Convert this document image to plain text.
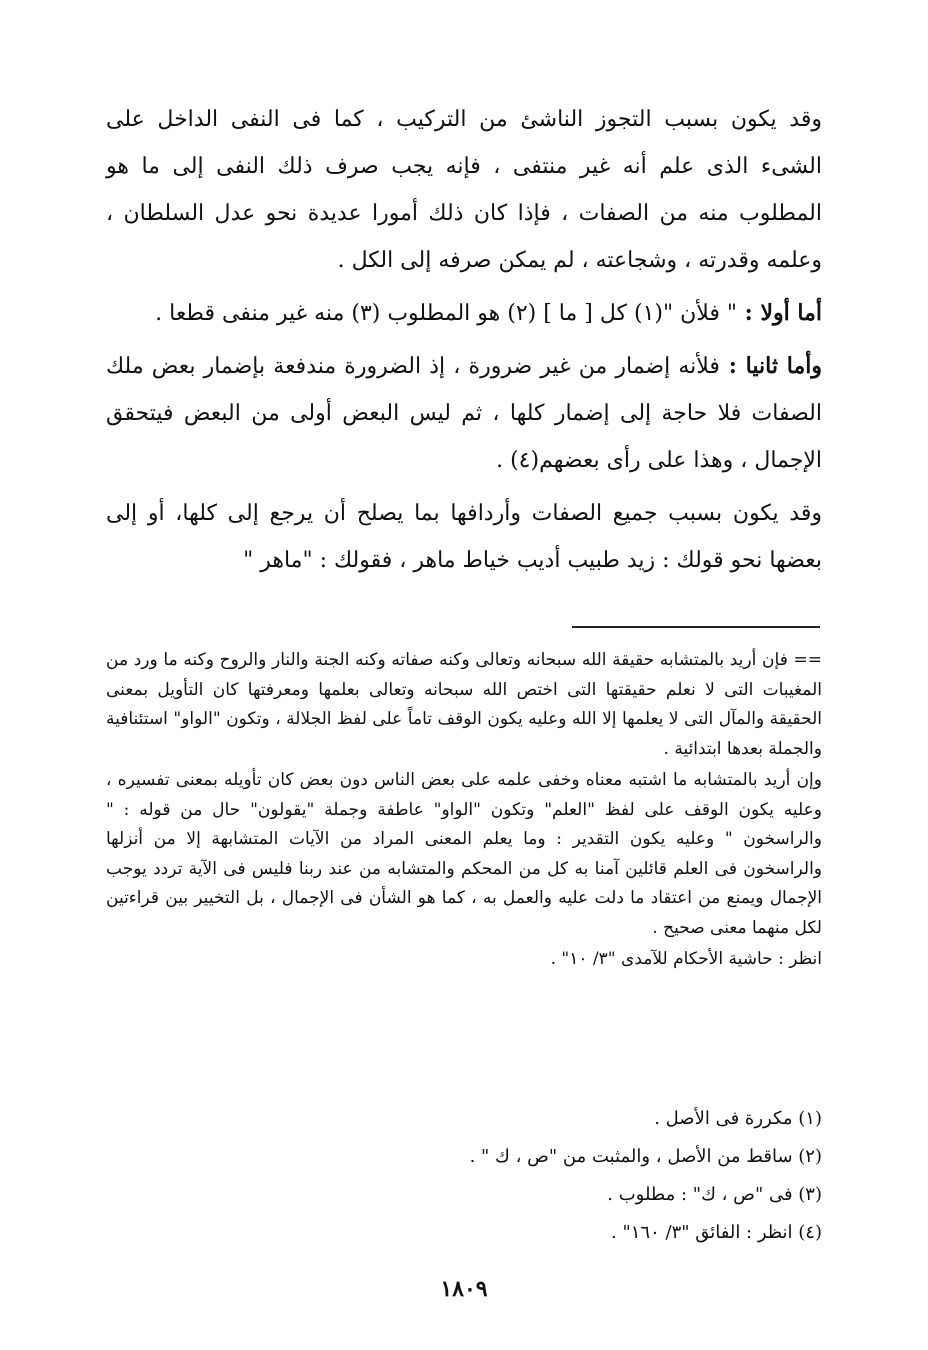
وقد يكون بسبب التجوز الناشئ من التركيب ، كما فى النفى الداخل على الشىء الذى علم أنه غير منتفى ، فإنه يجب صرف ذلك النفى إلى ما هو المطلوب منه من الصفات ، فإذا كان ذلك أمورا عديدة نحو عدل السلطان ، وعلمه وقدرته ، وشجاعته ، لم يمكن صرفه إلى الكل .

أما أولا : " فلأن "(١) كل [ ما ] (٢) هو المطلوب (٣) منه غير منفى قطعا .

وأما ثانيا : فلأنه إضمار من غير ضرورة ، إذ الضرورة مندفعة بإضمار بعض ملك الصفات فلا حاجة إلى إضمار كلها ، ثم ليس البعض أولى من البعض فيتحقق الإجمال ، وهذا على رأى بعضهم(٤) .

وقد يكون بسبب جميع الصفات وأردافها بما يصلح أن يرجع إلى كلها، أو إلى بعضها نحو قولك : زيد طبيب أديب خياط ماهر ، فقولك : "ماهر "

== فإن أريد بالمتشابه حقيقة الله سبحانه وتعالى وكنه صفاته وكنه الجنة والنار والروح وكنه ما ورد من المغيبات التى لا نعلم حقيقتها التى اختص الله سبحانه وتعالى بعلمها ومعرفتها كان التأويل بمعنى الحقيقة والمآل التى لا يعلمها إلا الله وعليه يكون الوقف تاماً على لفظ الجلالة ، وتكون "الواو" استئنافية والجملة بعدها ابتدائية .

وإن أريد بالمتشابه ما اشتبه معناه وخفى علمه على بعض الناس دون بعض كان تأويله بمعنى تفسيره ، وعليه يكون الوقف على لفظ "العلم" وتكون "الواو" عاطفة وجملة "يقولون" حال من قوله : " والراسخون " وعليه يكون التقدير : وما يعلم المعنى المراد من الآيات المتشابهة إلا من أنزلها والراسخون فى العلم قائلين آمنا به كل من المحكم والمتشابه من عند ربنا فليس فى الآية تردد يوجب الإجمال ويمنع من اعتقاد ما دلت عليه والعمل به ، كما هو الشأن فى الإجمال ، بل التخيير بين قراءتين لكل منهما معنى صحيح .

انظر : حاشية الأحكام للآمدى "٣/ ١٠" .

(١) مكررة فى الأصل .
(٢) ساقط من الأصل ، والمثبت من "ص ، ك " .
(٣) فى "ص ، ك" : مطلوب .
(٤) انظر : الفائق "٣/ ١٦٠" .
١٨٠٩
